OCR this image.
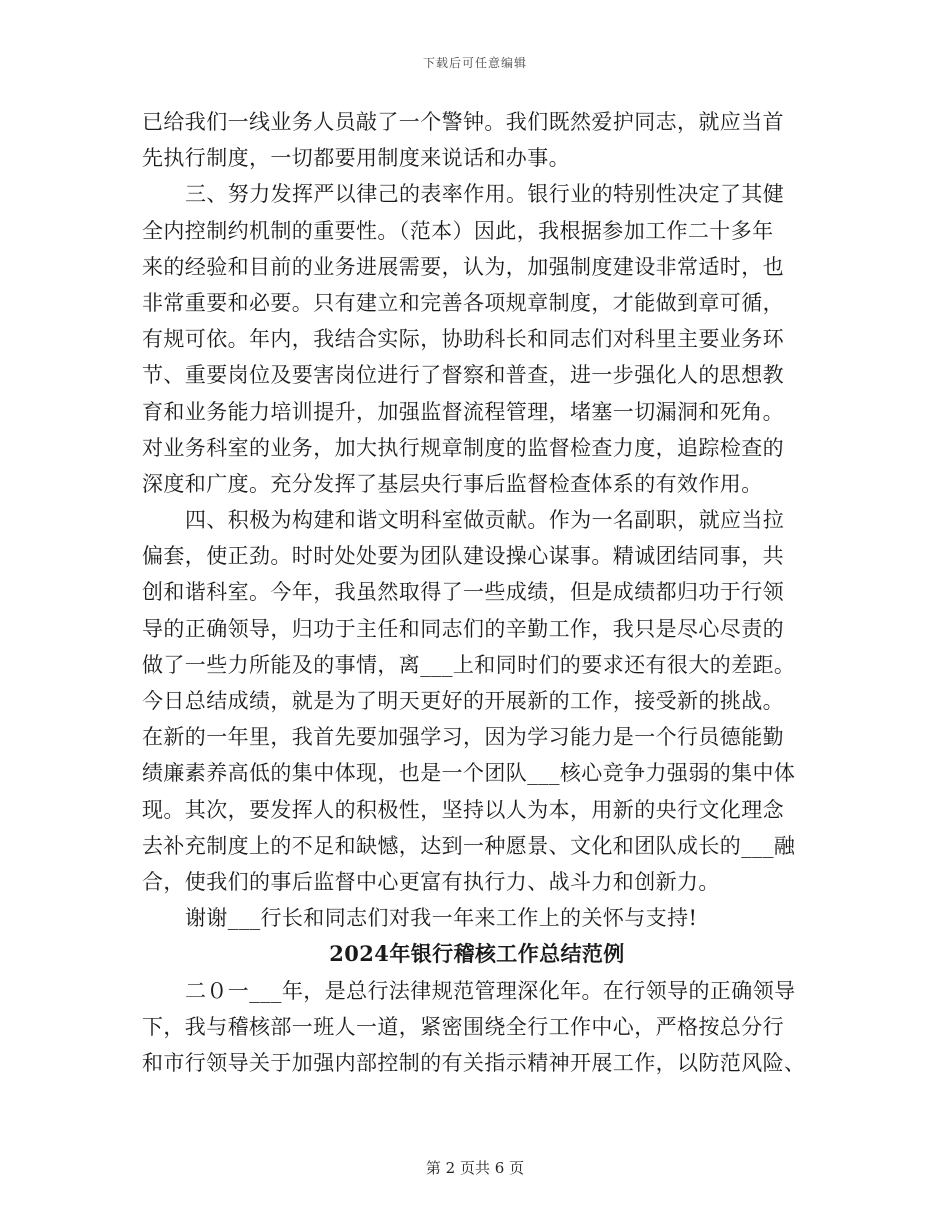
下载后可任意编辑
已给我们一线业务人员敲了一个警钟。我们既然爱护同志，就应当首
先执行制度，一切都要用制度来说话和办事。
三、努力发挥严以律己的表率作用。银行业的特别性决定了其健
全内控制约机制的重要性。（范本）因此，我根据参加工作二十多年
来的经验和目前的业务进展需要，认为，加强制度建设非常适时，也
非常重要和必要。只有建立和完善各项规章制度，才能做到章可循，
有规可依。年内，我结合实际，协助科长和同志们对科里主要业务环
节、重要岗位及要害岗位进行了督察和普查，进一步强化人的思想教
育和业务能力培训提升，加强监督流程管理，堵塞一切漏洞和死角。
对业务科室的业务，加大执行规章制度的监督检查力度，追踪检查的
深度和广度。充分发挥了基层央行事后监督检查体系的有效作用。
四、积极为构建和谐文明科室做贡献。作为一名副职，就应当拉
偏套，使正劲。时时处处要为团队建设操心谋事。精诚团结同事，共
创和谐科室。今年，我虽然取得了一些成绩，但是成绩都归功于行领
导的正确领导，归功于主任和同志们的辛勤工作，我只是尽心尽责的
做了一些力所能及的事情，离___上和同时们的要求还有很大的差距。
今日总结成绩，就是为了明天更好的开展新的工作，接受新的挑战。
在新的一年里，我首先要加强学习，因为学习能力是一个行员德能勤
绩廉素养高低的集中体现，也是一个团队___核心竞争力强弱的集中体
现。其次，要发挥人的积极性，坚持以人为本，用新的央行文化理念
去补充制度上的不足和缺憾，达到一种愿景、文化和团队成长的___融
合，使我们的事后监督中心更富有执行力、战斗力和创新力。
谢谢___行长和同志们对我一年来工作上的关怀与支持!
2024年银行稽核工作总结范例
二０一___年，是总行法律规范管理深化年。在行领导的正确领导
下，我与稽核部一班人一道，紧密围绕全行工作中心，严格按总分行
和市行领导关于加强内部控制的有关指示精神开展工作，以防范风险、
第 2 页共 6 页
